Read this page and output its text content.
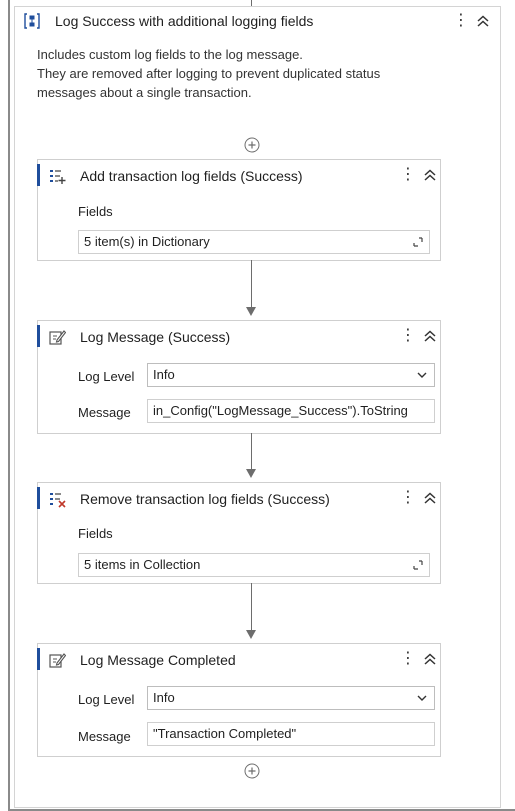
Log Success with additional logging fields	⋮
Includes custom log fields to the log message.
They are removed after logging to prevent duplicated status
messages about a single transaction.
Add transaction log fields (Success)	⋮
Fields
5 item(s) in Dictionary
Log Message (Success)	⋮
Log Level	Info
Message	in_Config("LogMessage_Success").ToString
Remove transaction log fields (Success)	⋮
Fields
5 items in Collection
Log Message Completed	⋮
Log Level	Info
Message	"Transaction Completed"
